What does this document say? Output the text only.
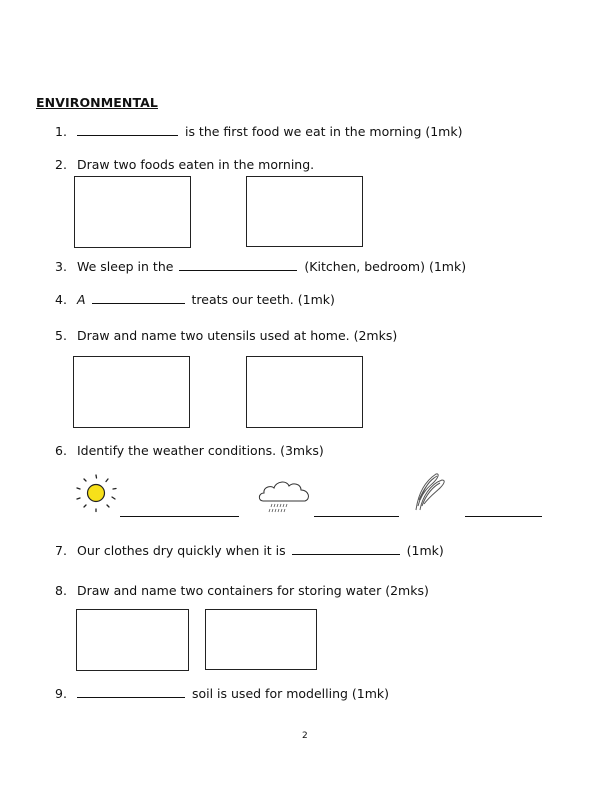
ENVIRONMENTAL
1.	is the first food we eat in the morning (1mk)
2. Draw two foods eaten in the morning.
3. We sleep in the	(Kitchen, bedroom) (1mk)
4. A	treats our teeth. (1mk)
5. Draw and name two utensils used at home. (2mks)
6. Identify the weather conditions. (3mks)
7. Our clothes dry quickly when it is	(1mk)
8. Draw and name two containers for storing water (2mks)
9.	soil is used for modelling (1mk)
2
